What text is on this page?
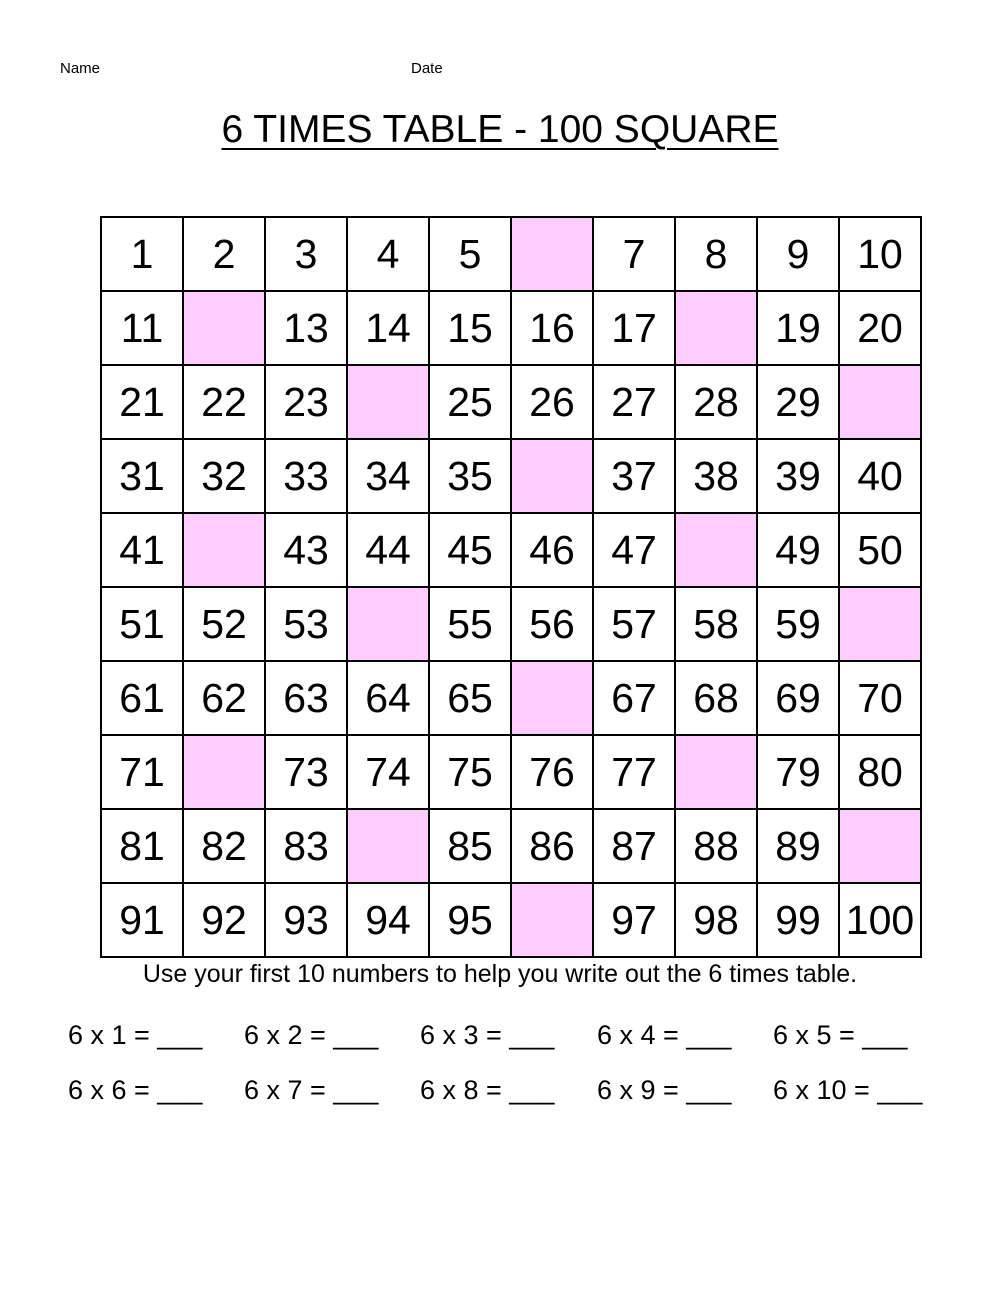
Name	Date
6 TIMES TABLE - 100 SQUARE
1	2	3	4	5		7	8	9	10
11		13	14	15	16	17		19	20
21	22	23		25	26	27	28	29	
31	32	33	34	35		37	38	39	40
41		43	44	45	46	47		49	50
51	52	53		55	56	57	58	59	
61	62	63	64	65		67	68	69	70
71		73	74	75	76	77		79	80
81	82	83		85	86	87	88	89	
91	92	93	94	95		97	98	99	100
Use your first 10 numbers to help you write out the 6 times table.
6 x 1 = ___ 6 x 2 = ___ 6 x 3 = ___ 6 x 4 = ___ 6 x 5 = ___
6 x 6 = ___ 6 x 7 = ___ 6 x 8 = ___ 6 x 9 = ___ 6 x 10 = ___
